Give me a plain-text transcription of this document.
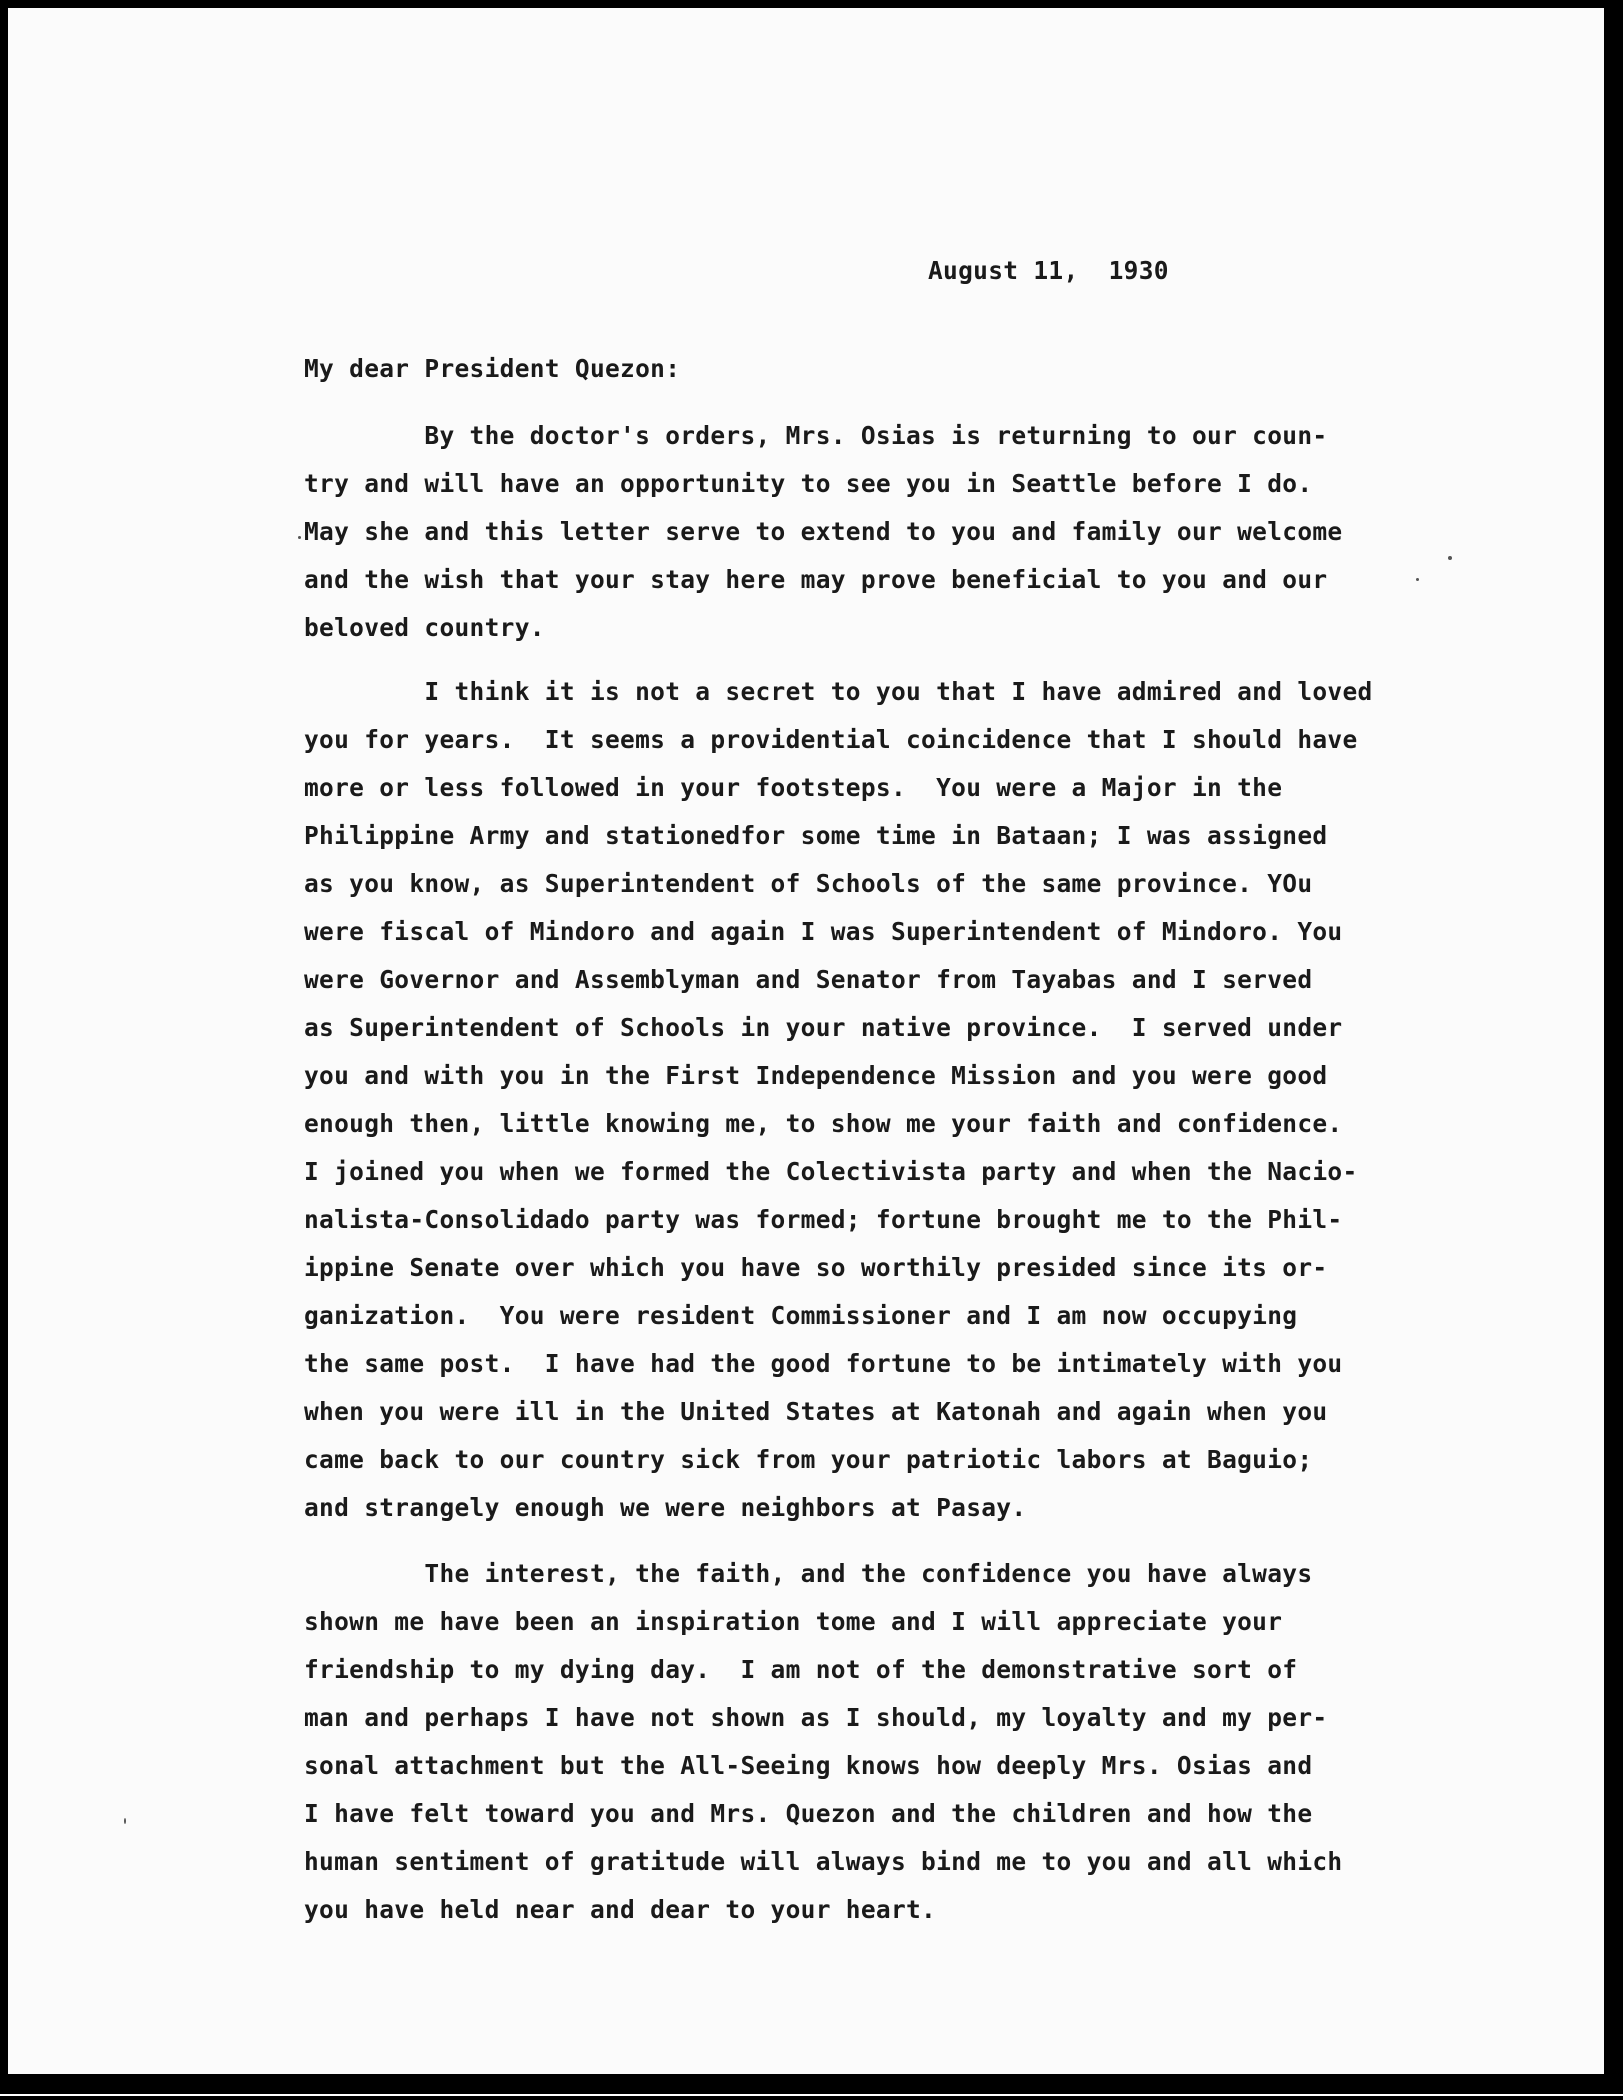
August 11,  1930
My dear President Quezon:
By the doctor's orders, Mrs. Osias is returning to our coun-
try and will have an opportunity to see you in Seattle before I do.
May she and this letter serve to extend to you and family our welcome
and the wish that your stay here may prove beneficial to you and our
beloved country.
I think it is not a secret to you that I have admired and loved
you for years.  It seems a providential coincidence that I should have
more or less followed in your footsteps.  You were a Major in the
Philippine Army and stationedfor some time in Bataan; I was assigned
as you know, as Superintendent of Schools of the same province. YOu
were fiscal of Mindoro and again I was Superintendent of Mindoro. You
were Governor and Assemblyman and Senator from Tayabas and I served
as Superintendent of Schools in your native province.  I served under
you and with you in the First Independence Mission and you were good
enough then, little knowing me, to show me your faith and confidence.
I joined you when we formed the Colectivista party and when the Nacio-
nalista-Consolidado party was formed; fortune brought me to the Phil-
ippine Senate over which you have so worthily presided since its or-
ganization.  You were resident Commissioner and I am now occupying
the same post.  I have had the good fortune to be intimately with you
when you were ill in the United States at Katonah and again when you
came back to our country sick from your patriotic labors at Baguio;
and strangely enough we were neighbors at Pasay.
The interest, the faith, and the confidence you have always
shown me have been an inspiration tome and I will appreciate your
friendship to my dying day.  I am not of the demonstrative sort of
man and perhaps I have not shown as I should, my loyalty and my per-
sonal attachment but the All-Seeing knows how deeply Mrs. Osias and
I have felt toward you and Mrs. Quezon and the children and how the
human sentiment of gratitude will always bind me to you and all which
you have held near and dear to your heart.
